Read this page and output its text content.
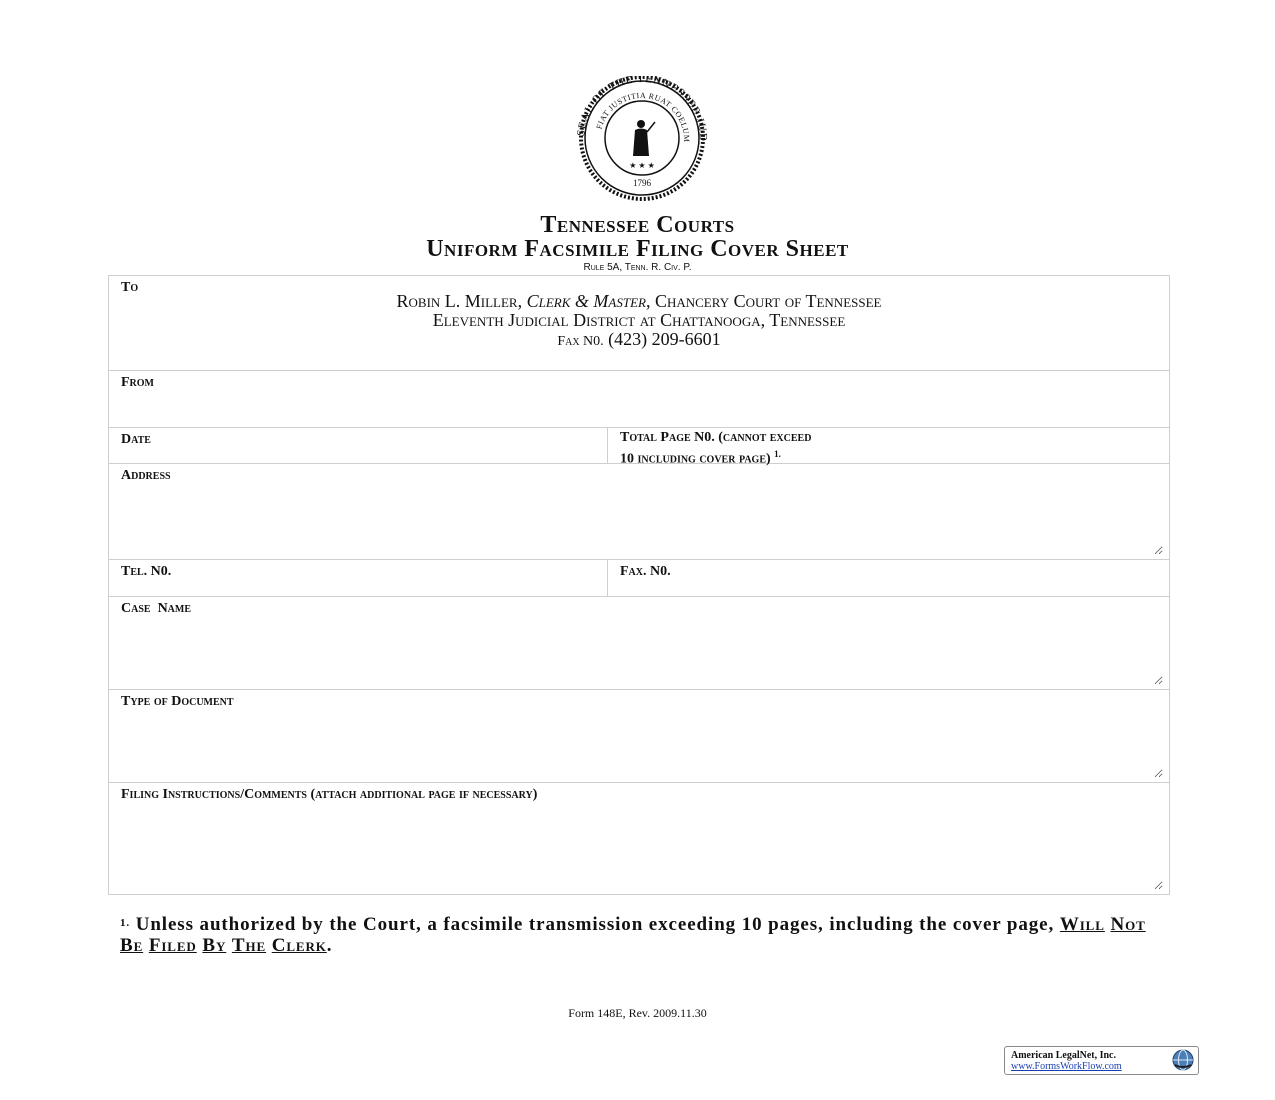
SEAL OF THE TENNESSEE JUD
FIAT JUSTITIA RUAT COELUM
1796
★ ★ ★
Tennessee Courts
Uniform Facsimile Filing Cover Sheet
Rule 5A, Tenn. R. Civ. P.
To
Robin L. Miller, Clerk & Master, Chancery Court of Tennessee
Eleventh Judicial District at Chattanooga, Tennessee
Fax N0. (423) 209-6601
From
Date	Total Page N0. (cannot exceed
10 including cover page) $^{1.}$
Address
Tel. N0.	Fax. N0.
Case  Name
Type of Document
Filing Instructions/Comments (attach additional page if necessary)
$^{1.}$ Unless authorized by the Court, a facsimile transmission exceeding 10 pages, including the cover page, Will Not Be Filed By The Clerk.
Form 148E, Rev. 2009.11.30
American LegalNet, Inc.
www.FormsWorkFlow.com
